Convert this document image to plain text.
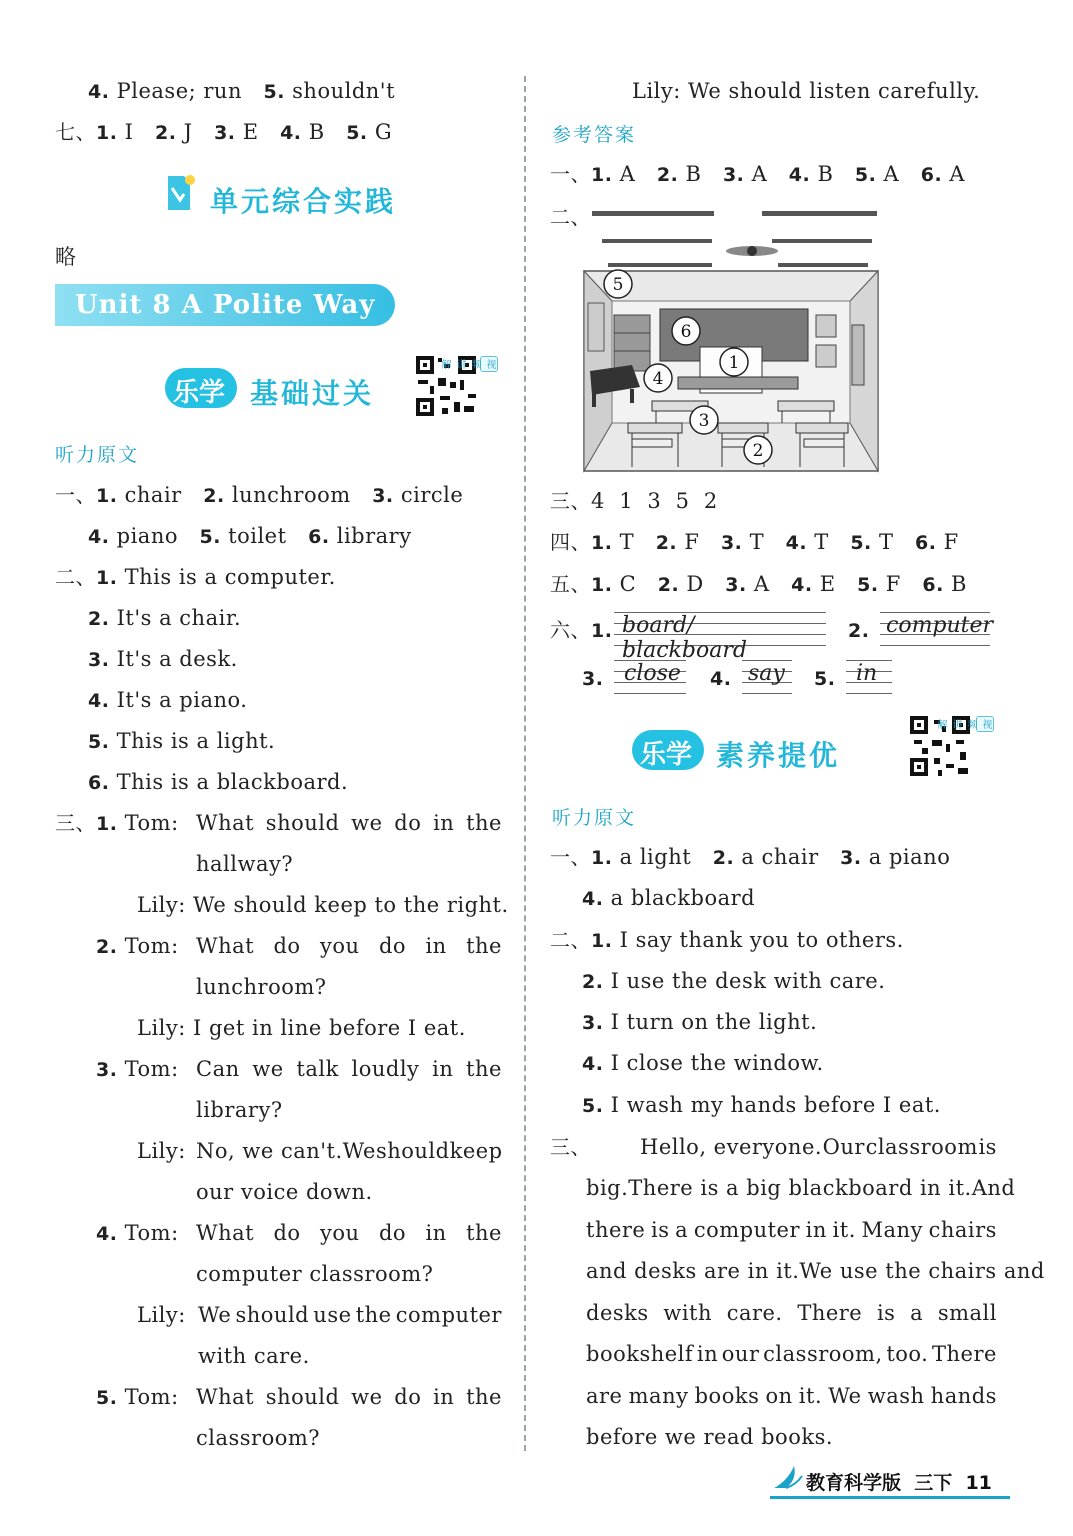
4. Please; run 5. shouldn't
七、1. I 2. J 3. E 4. B 5. G
单元综合实践
略
Unit 8 A Polite Way
乐学 基础过关
视频讲解
听力原文
一、1. chair 2. lunchroom 3. circle
4. piano 5. toilet 6. library
二、1. This is a computer.
2. It's a chair.
3. It's a desk.
4. It's a piano.
5. This is a light.
6. This is a blackboard.
三、1. Tom: What should we do in the
hallway?
Lily: We should keep to the right.
2. Tom: What do you do in the
lunchroom?
Lily: I get in line before I eat.
3. Tom: Can we talk loudly in the
library?
Lily: No, we can't. We should keep
our voice down.
4. Tom: What do you do in the
computer classroom?
Lily: We should use the computer
with care.
5. Tom: What should we do in the
classroom?
Lily: We should listen carefully.
参考答案
一、1. A 2. B 3. A 4. B 5. A 6. A
二、
5
6
1
4
3
2
三、4  1  3  5  2
四、1. T 2. F 3. T 4. T 5. T 6. F
五、1. C 2. D 3. A 4. E 5. F 6. B
六、1. board/ blackboard
2. computer
3. close 4. say 5. in
乐学 素养提优
视频讲解
听力原文
一、1. a light 2. a chair 3. a piano
4. a blackboard
二、1. I say thank you to others.
2. I use the desk with care.
3. I turn on the light.
4. I close the window.
5. I wash my hands before I eat.
三、 Hello, everyone. Our classroom is
big. There is a big blackboard in it. And
there is a computer in it. Many chairs
and desks are in it. We use the chairs and
desks with care. There is a small
bookshelf in our classroom, too. There
are many books on it. We wash hands
before we read books.
教育科学版  三下  11
